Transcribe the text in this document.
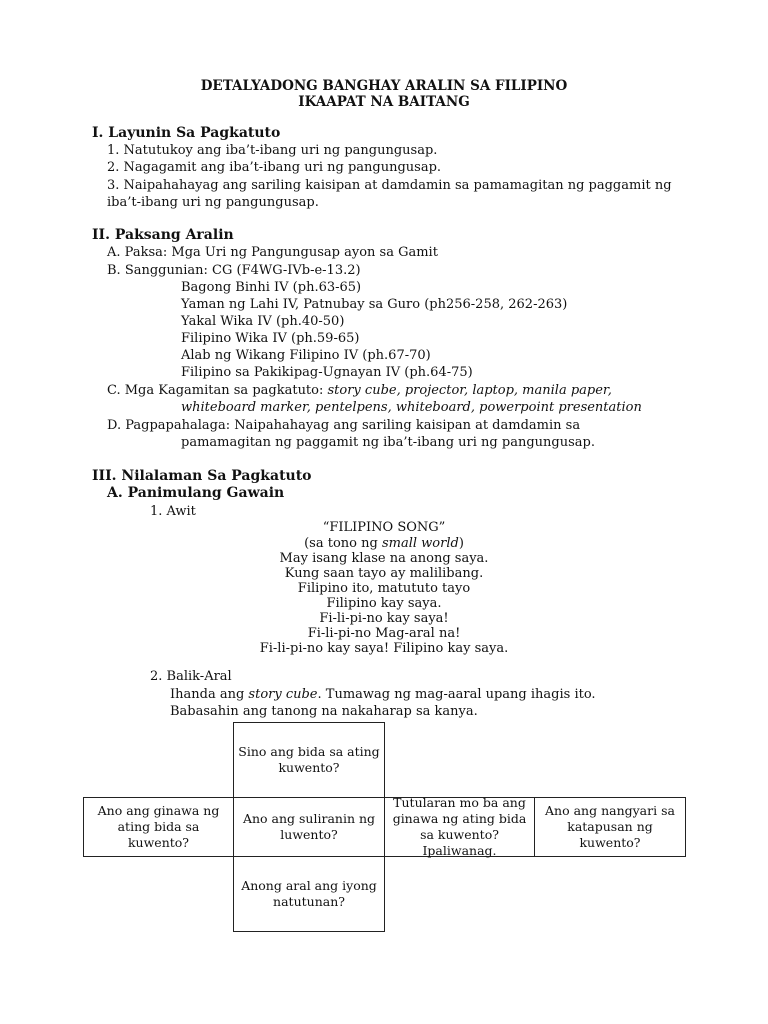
DETALYADONG BANGHAY ARALIN SA FILIPINO
IKAAPAT NA BAITANG
I. Layunin Sa Pagkatuto
1. Natutukoy ang iba’t-ibang uri ng pangungusap.
2. Nagagamit ang iba’t-ibang uri ng pangungusap.
3. Naipahahayag ang sariling kaisipan at damdamin sa pamamagitan ng paggamit ng
iba’t-ibang uri ng pangungusap.
II. Paksang Aralin
A. Paksa: Mga Uri ng Pangungusap ayon sa Gamit
B. Sanggunian: CG (F4WG-IVb-e-13.2)
Bagong Binhi IV (ph.63-65)
Yaman ng Lahi IV, Patnubay sa Guro (ph256-258, 262-263)
Yakal Wika IV (ph.40-50)
Filipino Wika IV (ph.59-65)
Alab ng Wikang Filipino IV (ph.67-70)
Filipino sa Pakikipag-Ugnayan IV (ph.64-75)
C. Mga Kagamitan sa pagkatuto: story cube, projector, laptop, manila paper,
whiteboard marker, pentelpens, whiteboard, powerpoint presentation
D. Pagpapahalaga: Naipahahayag ang sariling kaisipan at damdamin sa
pamamagitan ng paggamit ng iba’t-ibang uri ng pangungusap.
III. Nilalaman Sa Pagkatuto
A. Panimulang Gawain
1. Awit
“FILIPINO SONG”
(sa tono ng small world)
May isang klase na anong saya.
Kung saan tayo ay malilibang.
Filipino ito, matututo tayo
Filipino kay saya.
Fi-li-pi-no kay saya!
Fi-li-pi-no Mag-aral na!
Fi-li-pi-no kay saya! Filipino kay saya.
2. Balik-Aral
Ihanda ang story cube. Tumawag ng mag-aaral upang ihagis ito.
Babasahin ang tanong na nakaharap sa kanya.
Sino ang bida sa ating kuwento?
Ano ang ginawa ng ating bida sa kuwento?
Ano ang suliranin ng luwento?
Tutularan mo ba ang ginawa ng ating bida sa kuwento? Ipaliwanag.
Ano ang nangyari sa katapusan ng kuwento?
Anong aral ang iyong natutunan?
